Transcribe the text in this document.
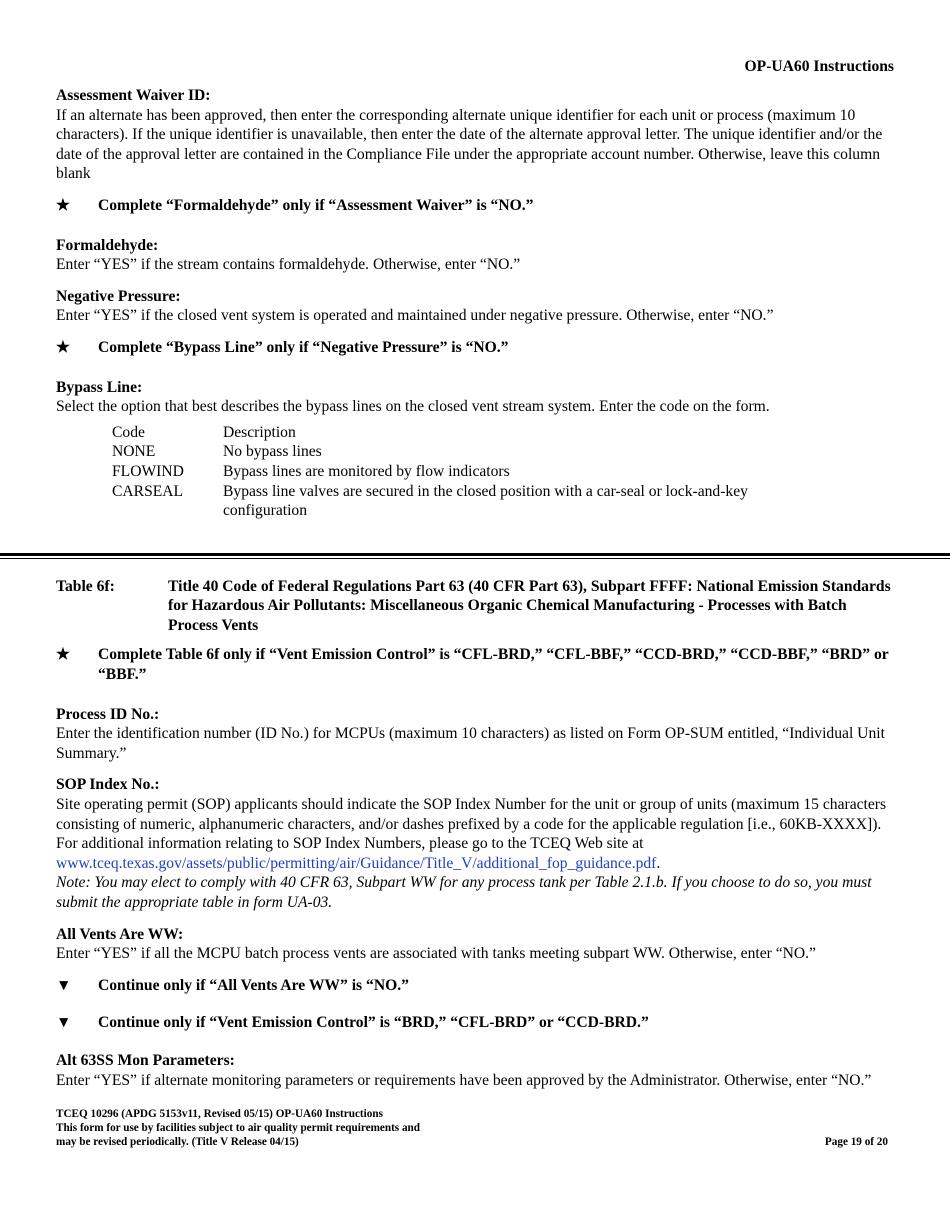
OP-UA60 Instructions
Assessment Waiver ID:

If an alternate has been approved, then enter the corresponding alternate unique identifier for each unit or process (maximum 10 characters). If the unique identifier is unavailable, then enter the date of the alternate approval letter. The unique identifier and/or the date of the approval letter are contained in the Compliance File under the appropriate account number. Otherwise, leave this column blank

★	Complete “Formaldehyde” only if “Assessment Waiver” is “NO.”
Formaldehyde:

Enter “YES” if the stream contains formaldehyde. Otherwise, enter “NO.”

Negative Pressure:

Enter “YES” if the closed vent system is operated and maintained under negative pressure. Otherwise, enter “NO.”

★	Complete “Bypass Line” only if “Negative Pressure” is “NO.”
Bypass Line:

Select the option that best describes the bypass lines on the closed vent stream system. Enter the code on the form.

Code	Description
NONE	No bypass lines
FLOWIND	Bypass lines are monitored by flow indicators
CARSEAL	Bypass line valves are secured in the closed position with a car-seal or lock-and-key configuration
Table 6f:	Title 40 Code of Federal Regulations Part 63 (40 CFR Part 63), Subpart FFFF: National Emission Standards for Hazardous Air Pollutants: Miscellaneous Organic Chemical Manufacturing - Processes with Batch Process Vents
★	Complete Table 6f only if “Vent Emission Control” is “CFL-BRD,” “CFL-BBF,” “CCD-BRD,” “CCD-BBF,” “BRD” or “BBF.”
Process ID No.:

Enter the identification number (ID No.) for MCPUs (maximum 10 characters) as listed on Form OP-SUM entitled, “Individual Unit Summary.”

SOP Index No.:

Site operating permit (SOP) applicants should indicate the SOP Index Number for the unit or group of units (maximum 15 characters consisting of numeric, alphanumeric characters, and/or dashes prefixed by a code for the applicable regulation [i.e., 60KB-XXXX]). For additional information relating to SOP Index Numbers, please go to the TCEQ Web site at www.tceq.texas.gov/assets/public/permitting/air/Guidance/Title_V/additional_fop_guidance.pdf.

Note: You may elect to comply with 40 CFR 63, Subpart WW for any process tank per Table 2.1.b. If you choose to do so, you must submit the appropriate table in form UA-03.

All Vents Are WW:

Enter “YES” if all the MCPU batch process vents are associated with tanks meeting subpart WW. Otherwise, enter “NO.”

▼	Continue only if “All Vents Are WW” is “NO.”
▼	Continue only if “Vent Emission Control” is “BRD,” “CFL-BRD” or “CCD-BRD.”
Alt 63SS Mon Parameters:

Enter “YES” if alternate monitoring parameters or requirements have been approved by the Administrator. Otherwise, enter “NO.”

TCEQ 10296 (APDG 5153v11, Revised 05/15) OP-UA60 Instructions
This form for use by facilities subject to air quality permit requirements and
may be revised periodically. (Title V Release 04/15)	Page 19 of 20
